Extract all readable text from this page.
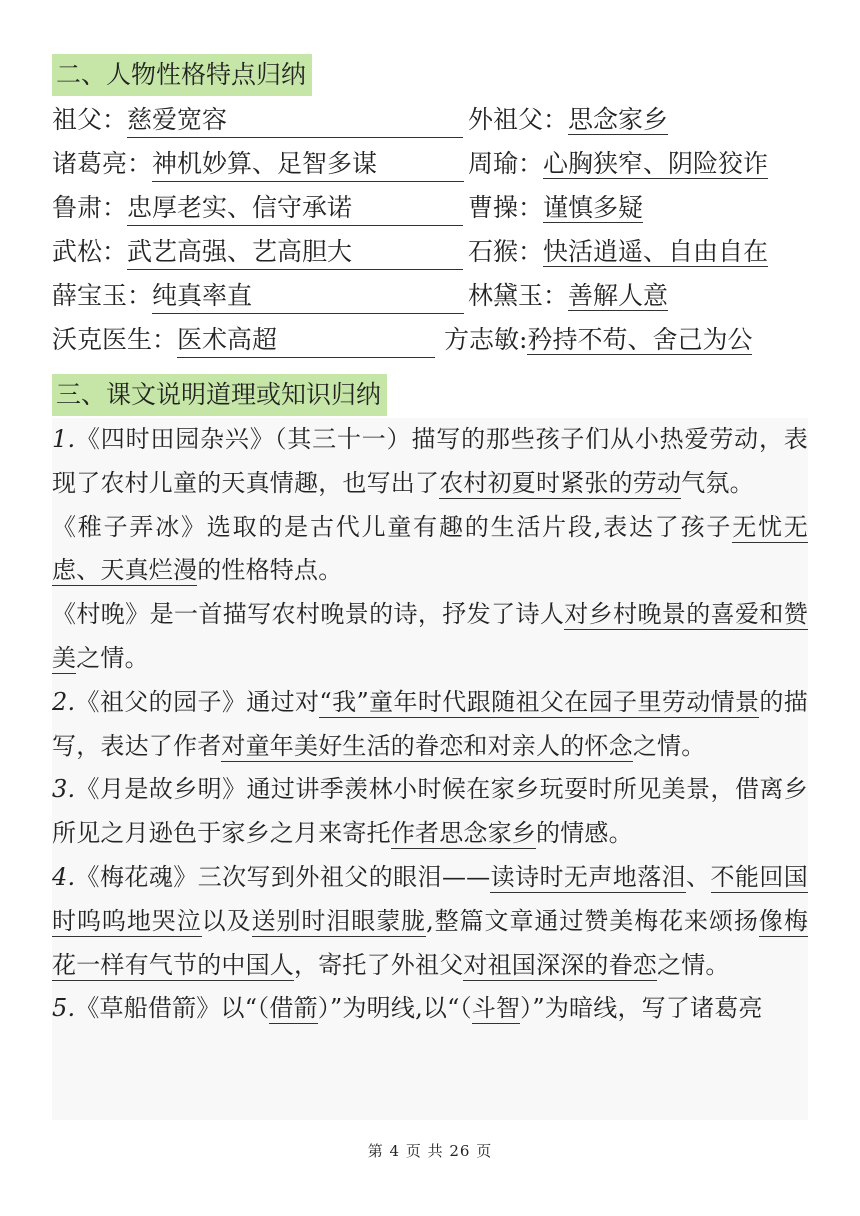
二、人物性格特点归纳
祖父：慈爱宽容	外祖父：思念家乡
诸葛亮：神机妙算、足智多谋	周瑜：心胸狭窄、阴险狡诈
鲁肃：忠厚老实、信守承诺	曹操：谨慎多疑
武松：武艺高强、艺高胆大	石猴：快活逍遥、自由自在
薛宝玉：纯真率直	林黛玉：善解人意
沃克医生：医术高超	方志敏:矜持不苟、舍己为公
三、课文说明道理或知识归纳

1.《四时田园杂兴》（其三十一）描写的那些孩子们从小热爱劳动，表现了农村儿童的天真情趣，也写出了农村初夏时紧张的劳动气氛。

《稚子弄冰》选取的是古代儿童有趣的生活片段,表达了孩子无忧无虑、天真烂漫的性格特点。

《村晚》是一首描写农村晚景的诗，抒发了诗人对乡村晚景的喜爱和赞美之情。

2.《祖父的园子》通过对“我”童年时代跟随祖父在园子里劳动情景的描写，表达了作者对童年美好生活的眷恋和对亲人的怀念之情。

3.《月是故乡明》通过讲季羡林小时候在家乡玩耍时所见美景，借离乡所见之月逊色于家乡之月来寄托作者思念家乡的情感。

4.《梅花魂》三次写到外祖父的眼泪——读诗时无声地落泪、不能回国时呜呜地哭泣以及送别时泪眼蒙胧,整篇文章通过赞美梅花来颂扬像梅花一样有气节的中国人，寄托了外祖父对祖国深深的眷恋之情。

5.《草船借箭》以“（借箭）”为明线,以“（斗智）”为暗线，写了诸葛亮

第 4 页 共 26 页
